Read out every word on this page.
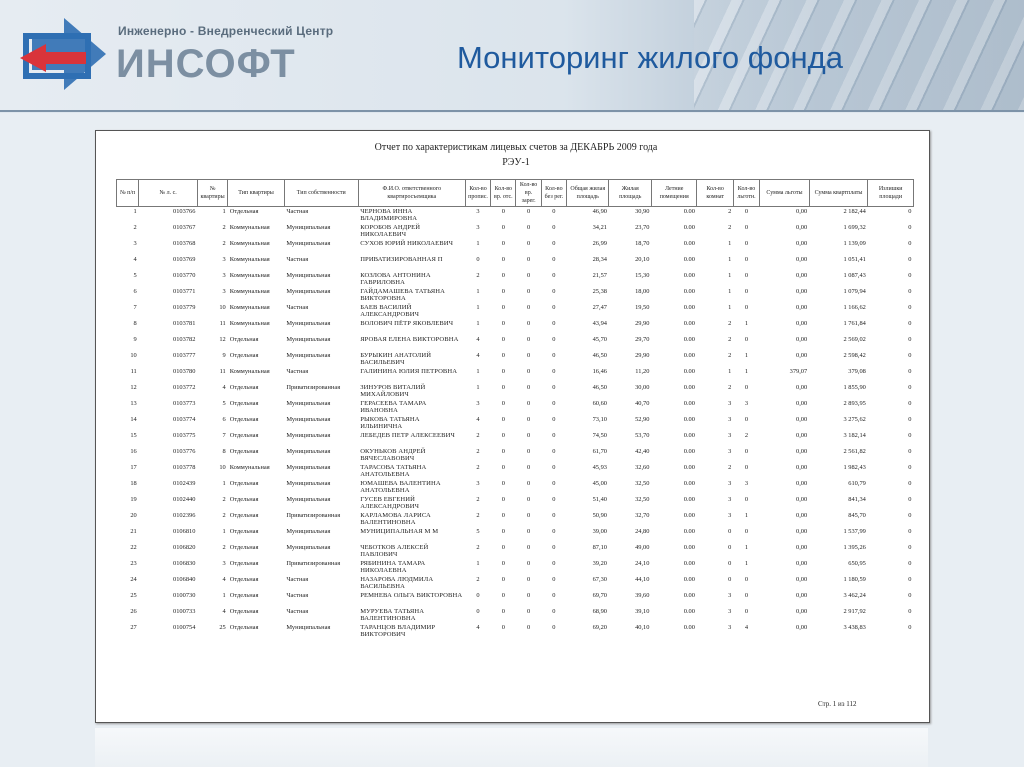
Инженерно - Внедренческий Центр
ИНСОФТ	Мониторинг жилого фонда
Отчет по характеристикам лицевых счетов за ДЕКАБРЬ 2009 года
РЭУ-1
№ п/п	№ л. с.	№ квартиры	Тип квартиры	Тип собственности	Ф.И.О. ответственного квартиросъемщика	Кол-во пропис.	Кол-во вр. отс.	Кол-во вр. зарег.	Кол-во без рег.	Общая жилая площадь	Жилая площадь	Летние помещения	Кол-во комнат	Кол-во льготн.	Сумма льготы	Сумма квартплаты	Излишки площади
1	0103766	1	Отдельная	Частная	ЧЕРНОВА ИННА ВЛАДИМИРОВНА	3	0	0	0	46,90	30,90	0.00	2	0	0,00	2 182,44	0
2	0103767	2	Коммунальная	Муниципальная	КОРОБОВ АНДРЕЙ НИКОЛАЕВИЧ	3	0	0	0	34,21	23,70	0.00	2	0	0,00	1 699,32	0
3	0103768	2	Коммунальная	Муниципальная	СУХОВ ЮРИЙ НИКОЛАЕВИЧ	1	0	0	0	26,99	18,70	0.00	1	0	0,00	1 139,09	0
4	0103769	3	Коммунальная	Частная	ПРИВАТИЗИРОВАННАЯ П	0	0	0	0	28,34	20,10	0.00	1	0	0,00	1 051,41	0
5	0103770	3	Коммунальная	Муниципальная	КОЗЛОВА АНТОНИНА ГАВРИЛОВНА	2	0	0	0	21,57	15,30	0.00	1	0	0,00	1 087,43	0
6	0103771	3	Коммунальная	Муниципальная	ГАЙДАМАШЕВА ТАТЬЯНА ВИКТОРОВНА	1	0	0	0	25,38	18,00	0.00	1	0	0,00	1 079,94	0
7	0103779	10	Коммунальная	Частная	БАЕВ ВАСИЛИЙ АЛЕКСАНДРОВИЧ	1	0	0	0	27,47	19,50	0.00	1	0	0,00	1 166,62	0
8	0103781	11	Коммунальная	Муниципальная	ВОЛОВИЧ ПЁТР ЯКОВЛЕВИЧ	1	0	0	0	43,94	29,90	0.00	2	1	0,00	1 761,84	0
9	0103782	12	Отдельная	Муниципальная	ЯРОВАЯ ЕЛЕНА ВИКТОРОВНА	4	0	0	0	45,70	29,70	0.00	2	0	0,00	2 569,02	0
10	0103777	9	Отдельная	Муниципальная	БУРЫКИН АНАТОЛИЙ ВАСИЛЬЕВИЧ	4	0	0	0	46,50	29,90	0.00	2	1	0,00	2 598,42	0
11	0103780	11	Коммунальная	Частная	ГАЛИНИНА ЮЛИЯ ПЕТРОВНА	1	0	0	0	16,46	11,20	0.00	1	1	379,07	379,08	0
12	0103772	4	Отдельная	Приватизированная	ЗИНУРОВ ВИТАЛИЙ МИХАЙЛОВИЧ	1	0	0	0	46,50	30,00	0.00	2	0	0,00	1 855,90	0
13	0103773	5	Отдельная	Муниципальная	ГЕРАСЕЕВА ТАМАРА ИВАНОВНА	3	0	0	0	60,60	40,70	0.00	3	3	0,00	2 893,95	0
14	0103774	6	Отдельная	Муниципальная	РЫКОВА ТАТЬЯНА ИЛЬИНИЧНА	4	0	0	0	73,10	52,90	0.00	3	0	0,00	3 275,62	0
15	0103775	7	Отдельная	Муниципальная	ЛЕБЕДЕВ ПЕТР АЛЕКСЕЕВИЧ	2	0	0	0	74,50	53,70	0.00	3	2	0,00	3 182,14	0
16	0103776	8	Отдельная	Муниципальная	ОКУНЬКОВ АНДРЕЙ ВЯЧЕСЛАВОВИЧ	2	0	0	0	61,70	42,40	0.00	3	0	0,00	2 561,82	0
17	0103778	10	Коммунальная	Муниципальная	ТАРАСОВА ТАТЬЯНА АНАТОЛЬЕВНА	2	0	0	0	45,93	32,60	0.00	2	0	0,00	1 982,43	0
18	0102439	1	Отдельная	Муниципальная	ЮМАШЕВА ВАЛЕНТИНА АНАТОЛЬЕВНА	3	0	0	0	45,00	32,50	0.00	3	3	0,00	610,79	0
19	0102440	2	Отдельная	Муниципальная	ГУСЕВ ЕВГЕНИЙ АЛЕКСАНДРОВИЧ	2	0	0	0	51,40	32,50	0.00	3	0	0,00	841,34	0
20	0102396	2	Отдельная	Приватизированная	КАРЛАМОВА ЛАРИСА ВАЛЕНТИНОВНА	2	0	0	0	50,90	32,70	0.00	3	1	0,00	845,70	0
21	0106810	1	Отдельная	Муниципальная	МУНИЦИПАЛЬНАЯ М М	5	0	0	0	39,00	24,80	0.00	0	0	0,00	1 537,99	0
22	0106820	2	Отдельная	Муниципальная	ЧЕБОТКОВ АЛЕКСЕЙ ПАВЛОВИЧ	2	0	0	0	87,10	49,00	0.00	0	1	0,00	1 395,26	0
23	0106830	3	Отдельная	Приватизированная	РЯБИНИНА ТАМАРА НИКОЛАЕВНА	1	0	0	0	39,20	24,10	0.00	0	1	0,00	650,95	0
24	0106840	4	Отдельная	Частная	НАЗАРОВА ЛЮДМИЛА ВАСИЛЬЕВНА	2	0	0	0	67,30	44,10	0.00	0	0	0,00	1 180,59	0
25	0100730	1	Отдельная	Частная	РЕМНЕВА ОЛЬГА ВИКТОРОВНА	0	0	0	0	69,70	39,60	0.00	3	0	0,00	3 462,24	0
26	0100733	4	Отдельная	Частная	МУРУЕВА ТАТЬЯНА ВАЛЕНТИНОВНА	0	0	0	0	68,90	39,10	0.00	3	0	0,00	2 917,92	0
27	0100754	25	Отдельная	Муниципальная	ТАРАНЦОВ ВЛАДИМИР ВИКТОРОВИЧ	4	0	0	0	69,20	40,10	0.00	3	4	0,00	3 438,83	0
Стр. 1 из 112
